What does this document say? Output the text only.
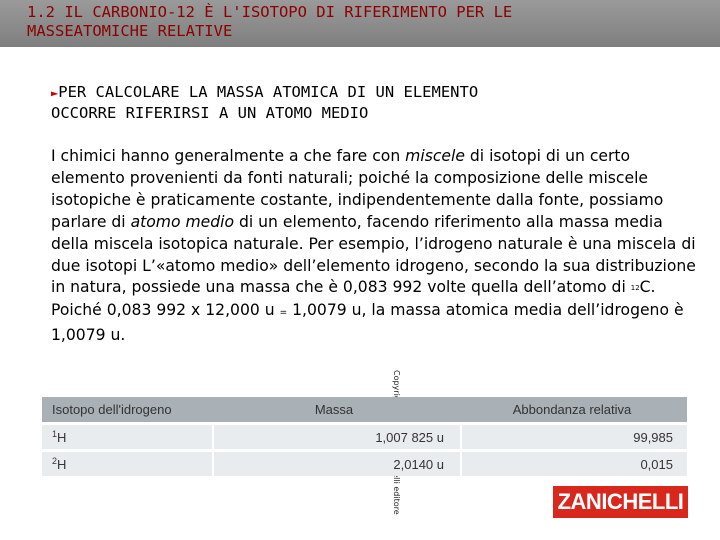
1.2 IL CARBONIO-12 È L'ISOTOPO DI RIFERIMENTO PER LE
MASSEATOMICHE RELATIVE
►PER CALCOLARE LA MASSA ATOMICA DI UN ELEMENTO
OCCORRE RIFERIRSI A UN ATOMO MEDIO
I chimici hanno generalmente a che fare con miscele di isotopi di un certo elemento provenienti da fonti naturali; poiché la composizione delle miscele isotopiche è praticamente costante, indipendentemente dalla fonte, possiamo parlare di atomo medio di un elemento, facendo riferimento alla massa media della miscela isotopica naturale. Per esempio, l’idrogeno naturale è una miscela di due isotopi L’«atomo medio» dell’elemento idrogeno, secondo la sua distribuzione in natura, possiede una massa che è 0,083 992 volte quella dell’atomo di $^{12}$C. Poiché 0,083 992 x 12,000 u = 1,0079 u, la massa atomica media dell’idrogeno è 1,0079 u.
Isotopo dell'idrogeno	Massa	Abbondanza relativa
$^1$H	1,007 825 u	99,985
$^2$H	2,0140 u	0,015
ZANICHELLI
